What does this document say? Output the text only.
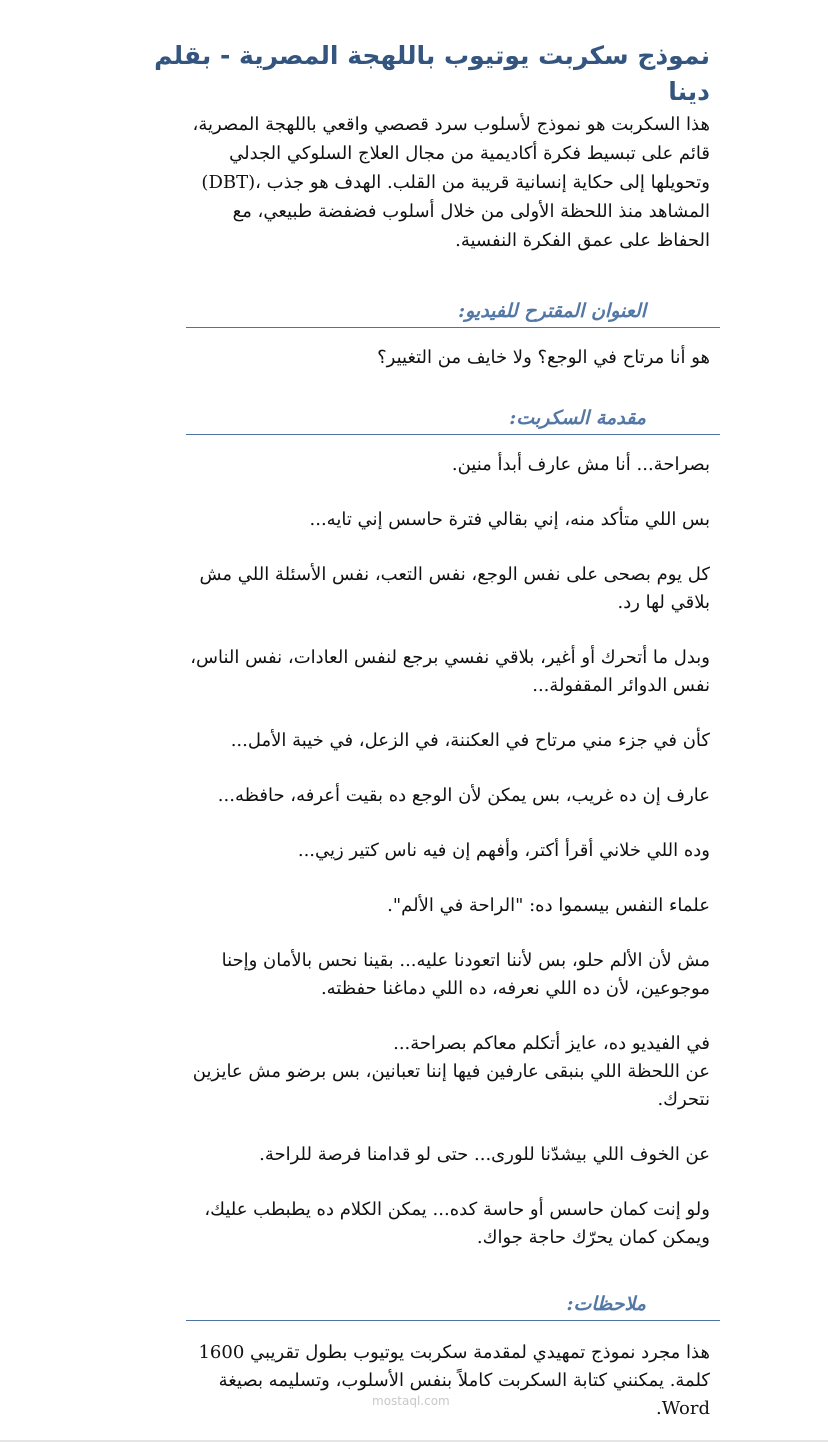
نموذج سكربت يوتيوب باللهجة المصرية - بقلم دينا
هذا السكربت هو نموذج لأسلوب سرد قصصي واقعي باللهجة المصرية،
قائم على تبسيط فكرة أكاديمية من مجال العلاج السلوكي الجدلي
وتحويلها إلى حكاية إنسانية قريبة من القلب. الهدف هو جذب ،(DBT)
المشاهد منذ اللحظة الأولى من خلال أسلوب فضفضة طبيعي، مع
الحفاظ على عمق الفكرة النفسية.
العنوان المقترح للفيديو:

هو أنا مرتاح في الوجع؟ ولا خايف من التغيير؟

مقدمة السكربت:
بصراحة... أنا مش عارف أبدأ منين.
بس اللي متأكد منه، إني بقالي فترة حاسس إني تايه...
كل يوم بصحى على نفس الوجع، نفس التعب، نفس الأسئلة اللي مش
بلاقي لها رد.
وبدل ما أتحرك أو أغير، بلاقي نفسي برجع لنفس العادات، نفس الناس،
نفس الدوائر المقفولة...
كأن في جزء مني مرتاح في العكننة، في الزعل، في خيبة الأمل...
عارف إن ده غريب، بس يمكن لأن الوجع ده بقيت أعرفه، حافظه...
وده اللي خلاني أقرأ أكتر، وأفهم إن فيه ناس كتير زيي...
علماء النفس بيسموا ده: "الراحة في الألم".
مش لأن الألم حلو، بس لأننا اتعودنا عليه... بقينا نحس بالأمان وإحنا
موجوعين، لأن ده اللي نعرفه، ده اللي دماغنا حفظته.
في الفيديو ده، عايز أتكلم معاكم بصراحة...
عن اللحظة اللي بنبقى عارفين فيها إننا تعبانين، بس برضو مش عايزين
نتحرك.
عن الخوف اللي بيشدّنا للورى... حتى لو قدامنا فرصة للراحة.
ولو إنت كمان حاسس أو حاسة كده... يمكن الكلام ده يطبطب عليك،
ويمكن كمان يحرّك حاجة جواك.
ملاحظات:
هذا مجرد نموذج تمهيدي لمقدمة سكربت يوتيوب بطول تقريبي 1600
كلمة. يمكنني كتابة السكربت كاملاً بنفس الأسلوب، وتسليمه بصيغة
Word.
mostaql.com
